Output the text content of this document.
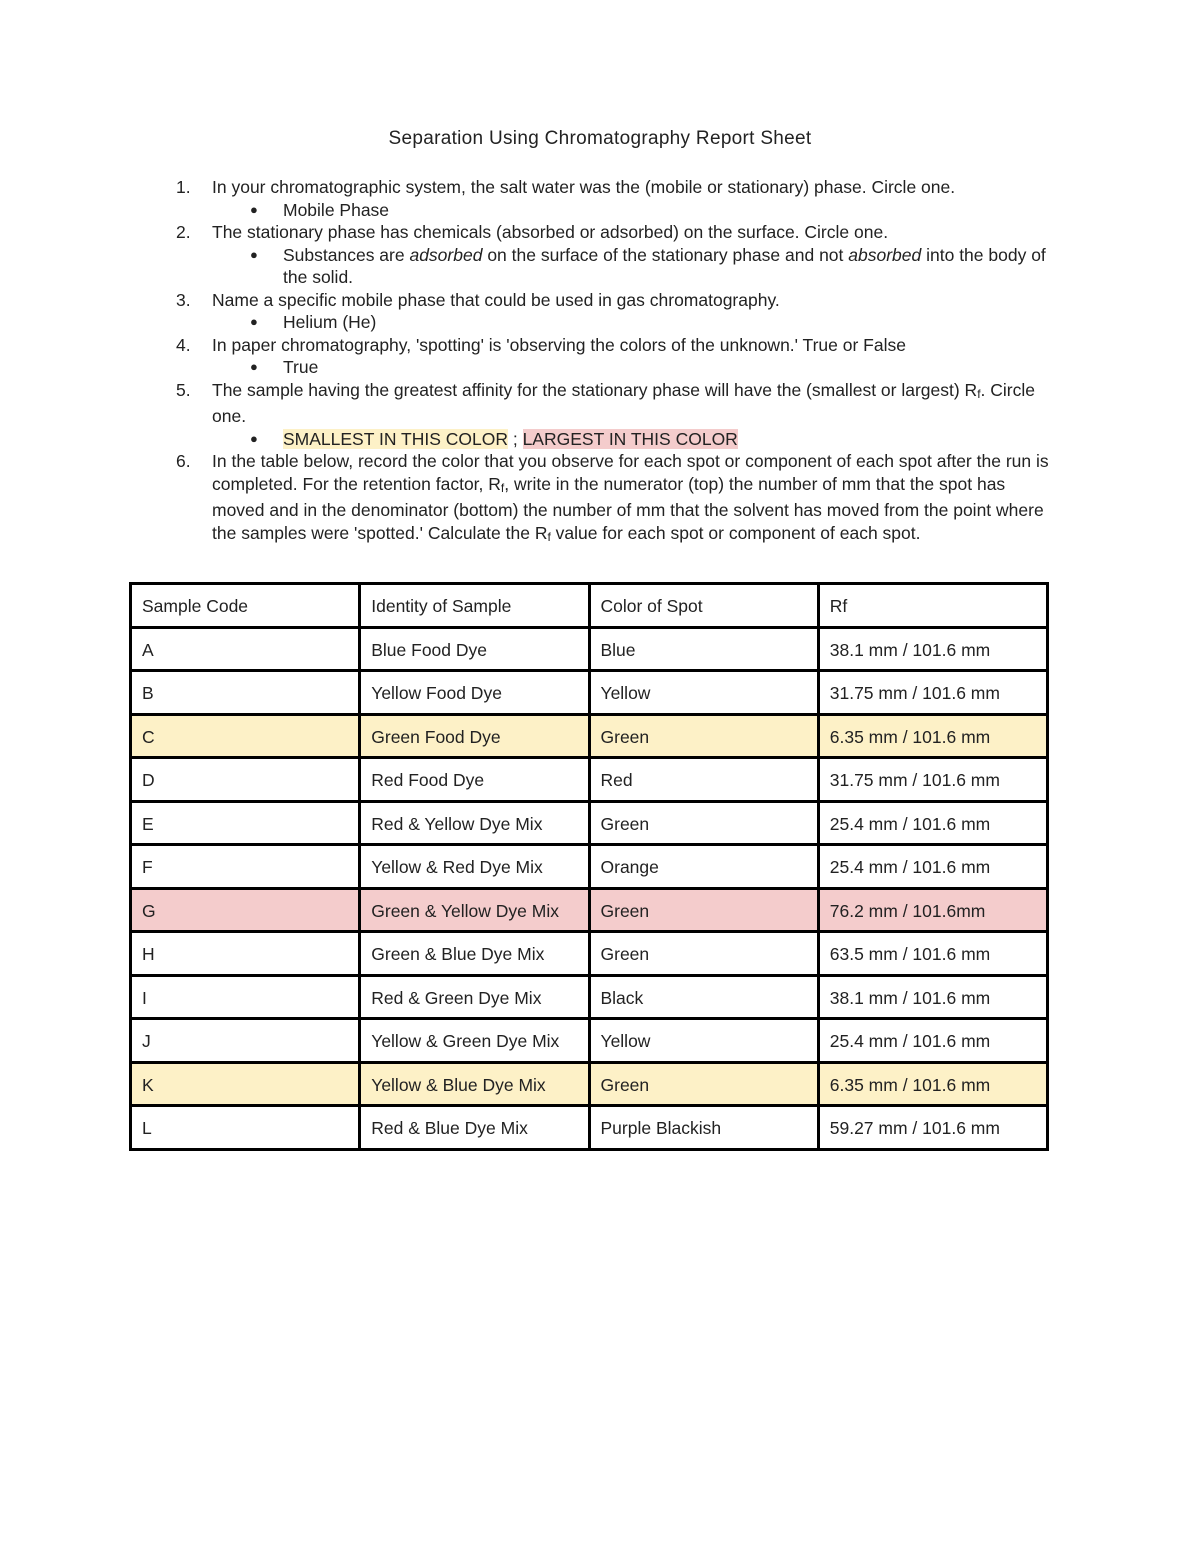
Separation Using Chromatography Report Sheet
1. In your chromatographic system, the salt water was the (mobile or stationary) phase. Circle one.
● Mobile Phase
2. The stationary phase has chemicals (absorbed or adsorbed) on the surface. Circle one.
● Substances are adsorbed on the surface of the stationary phase and not absorbed into the body of the solid.
3. Name a specific mobile phase that could be used in gas chromatography.
● Helium (He)
4. In paper chromatography, 'spotting' is 'observing the colors of the unknown.' True or False
● True
5. The sample having the greatest affinity for the stationary phase will have the (smallest or largest) Rf. Circle one.
● SMALLEST IN THIS COLOR ; LARGEST IN THIS COLOR
6. In the table below, record the color that you observe for each spot or component of each spot after the run is completed. For the retention factor, Rf, write in the numerator (top) the number of mm that the spot has moved and in the denominator (bottom) the number of mm that the solvent has moved from the point where the samples were 'spotted.' Calculate the Rf value for each spot or component of each spot.
Sample Code	Identity of Sample	Color of Spot	Rf
A	Blue Food Dye	Blue	38.1 mm / 101.6 mm
B	Yellow Food Dye	Yellow	31.75 mm / 101.6 mm
C	Green Food Dye	Green	6.35 mm / 101.6 mm
D	Red Food Dye	Red	31.75 mm / 101.6 mm
E	Red & Yellow Dye Mix	Green	25.4 mm / 101.6 mm
F	Yellow & Red Dye Mix	Orange	25.4 mm / 101.6 mm
G	Green & Yellow Dye Mix	Green	76.2 mm / 101.6mm
H	Green & Blue Dye Mix	Green	63.5 mm / 101.6 mm
I	Red & Green Dye Mix	Black	38.1 mm / 101.6 mm
J	Yellow & Green Dye Mix	Yellow	25.4 mm / 101.6 mm
K	Yellow & Blue Dye Mix	Green	6.35 mm / 101.6 mm
L	Red & Blue Dye Mix	Purple Blackish	59.27 mm / 101.6 mm
